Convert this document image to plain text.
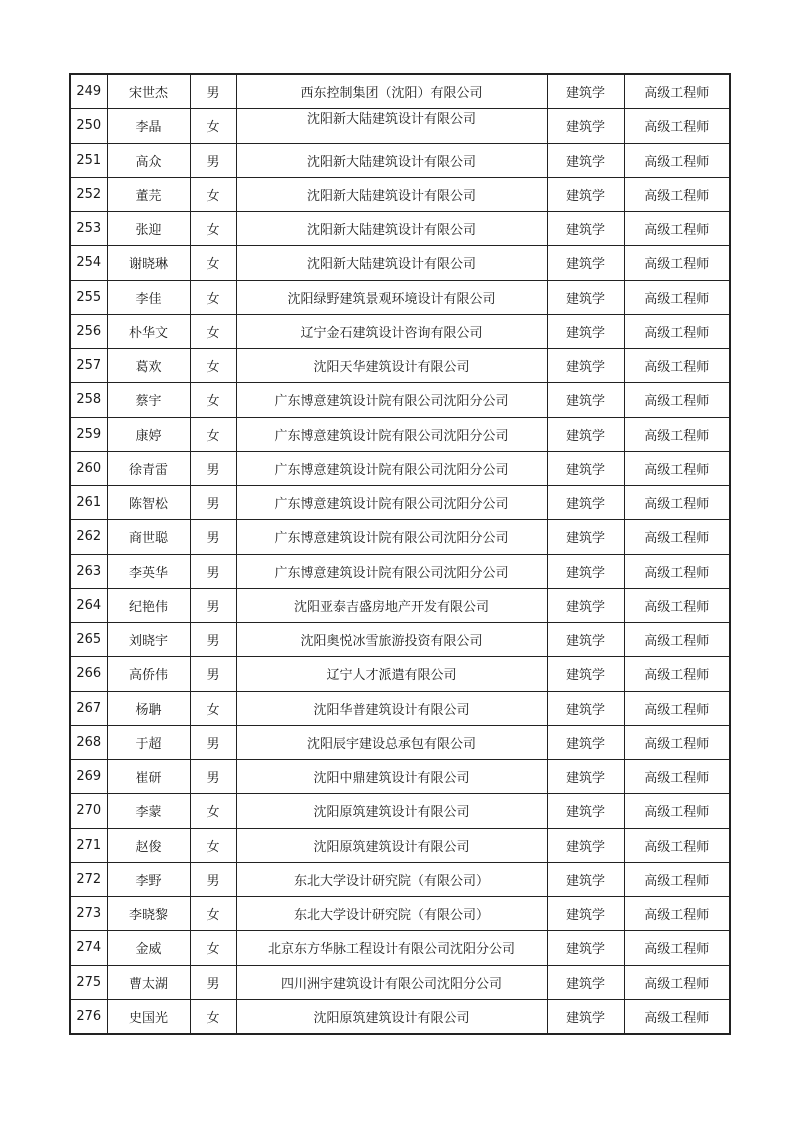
249	宋世杰	男	西东控制集团（沈阳）有限公司	建筑学	高级工程师
250	李晶	女	沈阳新大陆建筑设计有限公司	建筑学	高级工程师
251	高众	男	沈阳新大陆建筑设计有限公司	建筑学	高级工程师
252	董芫	女	沈阳新大陆建筑设计有限公司	建筑学	高级工程师
253	张迎	女	沈阳新大陆建筑设计有限公司	建筑学	高级工程师
254	谢晓琳	女	沈阳新大陆建筑设计有限公司	建筑学	高级工程师
255	李佳	女	沈阳绿野建筑景观环境设计有限公司	建筑学	高级工程师
256	朴华文	女	辽宁金石建筑设计咨询有限公司	建筑学	高级工程师
257	葛欢	女	沈阳天华建筑设计有限公司	建筑学	高级工程师
258	蔡宇	女	广东博意建筑设计院有限公司沈阳分公司	建筑学	高级工程师
259	康婷	女	广东博意建筑设计院有限公司沈阳分公司	建筑学	高级工程师
260	徐青雷	男	广东博意建筑设计院有限公司沈阳分公司	建筑学	高级工程师
261	陈智松	男	广东博意建筑设计院有限公司沈阳分公司	建筑学	高级工程师
262	商世聪	男	广东博意建筑设计院有限公司沈阳分公司	建筑学	高级工程师
263	李英华	男	广东博意建筑设计院有限公司沈阳分公司	建筑学	高级工程师
264	纪艳伟	男	沈阳亚泰吉盛房地产开发有限公司	建筑学	高级工程师
265	刘晓宇	男	沈阳奥悦冰雪旅游投资有限公司	建筑学	高级工程师
266	高侨伟	男	辽宁人才派遣有限公司	建筑学	高级工程师
267	杨聃	女	沈阳华普建筑设计有限公司	建筑学	高级工程师
268	于超	男	沈阳辰宇建设总承包有限公司	建筑学	高级工程师
269	崔研	男	沈阳中鼎建筑设计有限公司	建筑学	高级工程师
270	李蒙	女	沈阳原筑建筑设计有限公司	建筑学	高级工程师
271	赵俊	女	沈阳原筑建筑设计有限公司	建筑学	高级工程师
272	李野	男	东北大学设计研究院（有限公司）	建筑学	高级工程师
273	李晓黎	女	东北大学设计研究院（有限公司）	建筑学	高级工程师
274	金威	女	北京东方华脉工程设计有限公司沈阳分公司	建筑学	高级工程师
275	曹太湖	男	四川洲宇建筑设计有限公司沈阳分公司	建筑学	高级工程师
276	史国光	女	沈阳原筑建筑设计有限公司	建筑学	高级工程师
